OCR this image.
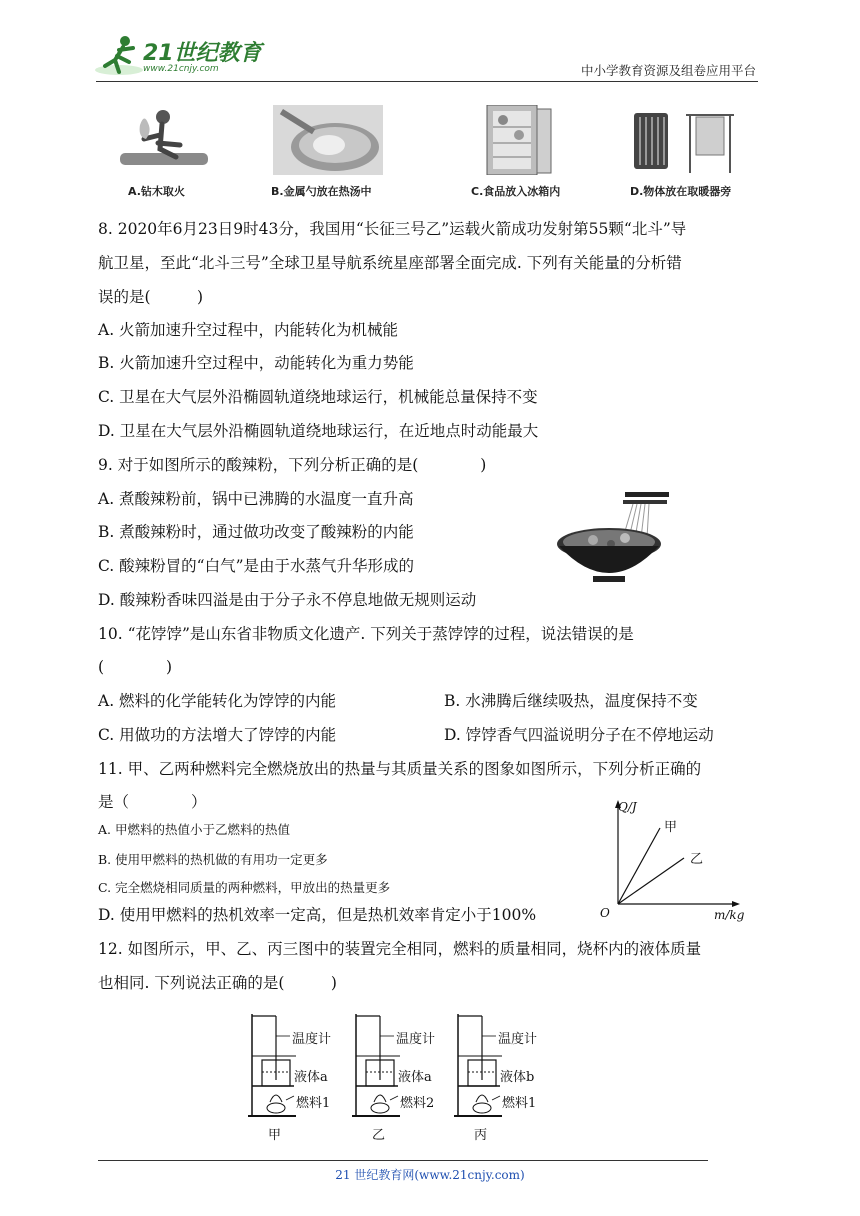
21世纪教育
www.21cnjy.com	中小学教育资源及组卷应用平台
A.钻木取火	B.金属勺放在热汤中	C.食品放入冰箱内	D.物体放在取暖器旁
8. 2020年6月23日9时43分，我国用“长征三号乙”运载火箭成功发射第55颗“北斗”导
航卫星，至此“北斗三号”全球卫星导航系统星座部署全面完成. 下列有关能量的分析错
误的是(　　　)
A. 火箭加速升空过程中，内能转化为机械能
B. 火箭加速升空过程中，动能转化为重力势能
C. 卫星在大气层外沿椭圆轨道绕地球运行，机械能总量保持不变
D. 卫星在大气层外沿椭圆轨道绕地球运行，在近地点时动能最大
9. 对于如图所示的酸辣粉，下列分析正确的是(　　　　)
A. 煮酸辣粉前，锅中已沸腾的水温度一直升高
B. 煮酸辣粉时，通过做功改变了酸辣粉的内能
C. 酸辣粉冒的“白气”是由于水蒸气升华形成的
D. 酸辣粉香味四溢是由于分子永不停息地做无规则运动
10. “花饽饽”是山东省非物质文化遗产. 下列关于蒸饽饽的过程，说法错误的是
(　　　　)
A. 燃料的化学能转化为饽饽的内能	B. 水沸腾后继续吸热，温度保持不变
C. 用做功的方法增大了饽饽的内能	D. 饽饽香气四溢说明分子在不停地运动
11. 甲、乙两种燃料完全燃烧放出的热量与其质量关系的图象如图所示，下列分析正确的
是（　　　　）
A. 甲燃料的热值小于乙燃料的热值
B. 使用甲燃料的热机做的有用功一定更多
C. 完全燃烧相同质量的两种燃料，甲放出的热量更多
D. 使用甲燃料的热机效率一定高，但是热机效率肯定小于100%
Q/J
甲
乙
O	m/kg
12. 如图所示，甲、乙、丙三图中的装置完全相同，燃料的质量相同，烧杯内的液体质量
也相同. 下列说法正确的是(　　　)
温度计
液体a
燃料1
甲
温度计
液体a
燃料2
乙
温度计
液体b
燃料1
丙
21 世纪教育网(www.21cnjy.com)
